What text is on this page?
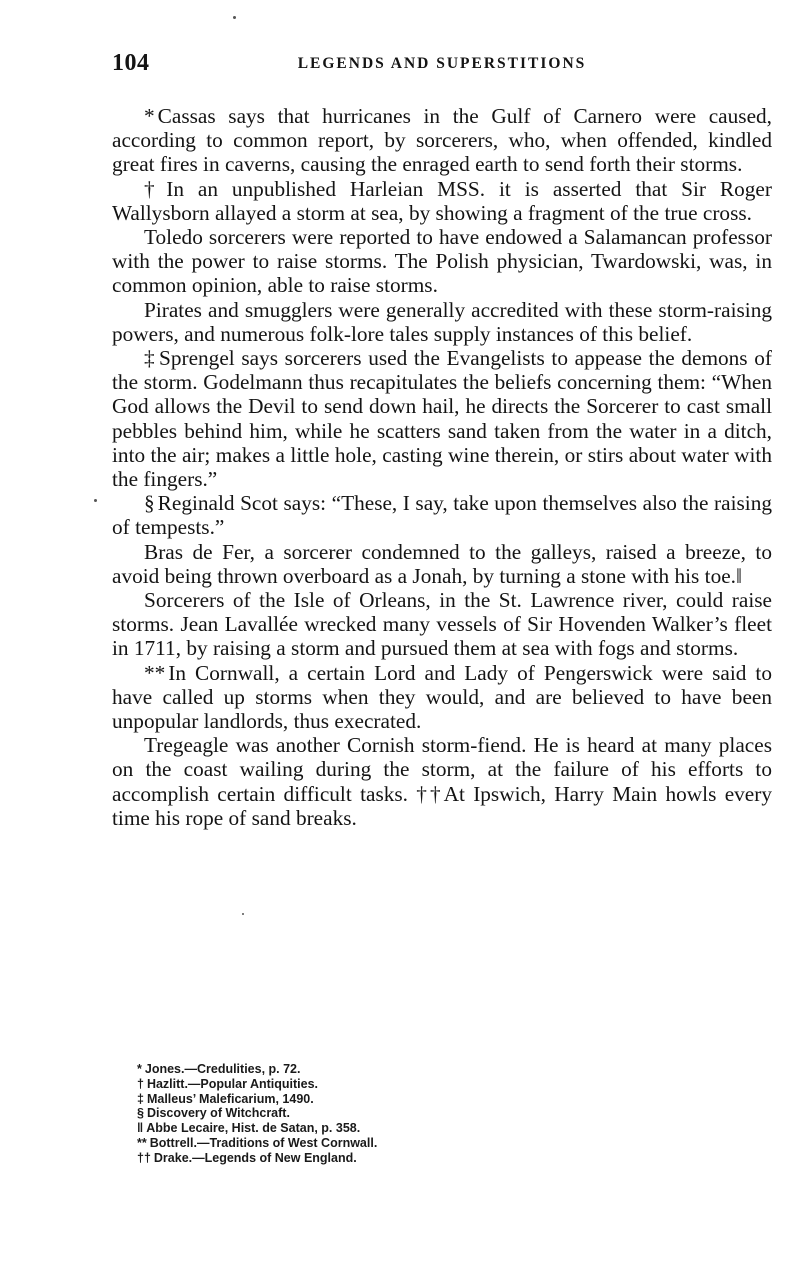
104	LEGENDS AND SUPERSTITIONS

* Cassas says that hurricanes in the Gulf of Carnero were caused, according to common report, by sorcerers, who, when offended, kindled great fires in caverns, causing the enraged earth to send forth their storms.

† In an unpublished Harleian MSS. it is asserted that Sir Roger Wallysborn allayed a storm at sea, by showing a fragment of the true cross.

Toledo sorcerers were reported to have endowed a Salamancan professor with the power to raise storms. The Polish physician, Twardowski, was, in common opinion, able to raise storms.

Pirates and smugglers were generally accredited with these storm-raising powers, and numerous folk-lore tales supply instances of this belief.

‡ Sprengel says sorcerers used the Evangelists to appease the demons of the storm. Godelmann thus recapitulates the beliefs concerning them: “When God allows the Devil to send down hail, he directs the Sorcerer to cast small pebbles behind him, while he scatters sand taken from the water in a ditch, into the air; makes a little hole, casting wine therein, or stirs about water with the fingers.”

§ Reginald Scot says: “These, I say, take upon themselves also the raising of tempests.”

Bras de Fer, a sorcerer condemned to the galleys, raised a breeze, to avoid being thrown overboard as a Jonah, by turning a stone with his toe.‖

Sorcerers of the Isle of Orleans, in the St. Lawrence river, could raise storms. Jean Lavallée wrecked many vessels of Sir Hovenden Walker’s fleet in 1711, by raising a storm and pursued them at sea with fogs and storms.

** In Cornwall, a certain Lord and Lady of Pengerswick were said to have called up storms when they would, and are believed to have been unpopular landlords, thus execrated.

Tregeagle was another Cornish storm-fiend. He is heard at many places on the coast wailing during the storm, at the failure of his efforts to accomplish certain difficult tasks. ††At Ipswich, Harry Main howls every time his rope of sand breaks.

* Jones.—Credulities, p. 72.
† Hazlitt.—Popular Antiquities.
‡ Malleus’ Maleficarium, 1490.
§ Discovery of Witchcraft.
‖ Abbe Lecaire, Hist. de Satan, p. 358.
** Bottrell.—Traditions of West Cornwall.
†† Drake.—Legends of New England.
